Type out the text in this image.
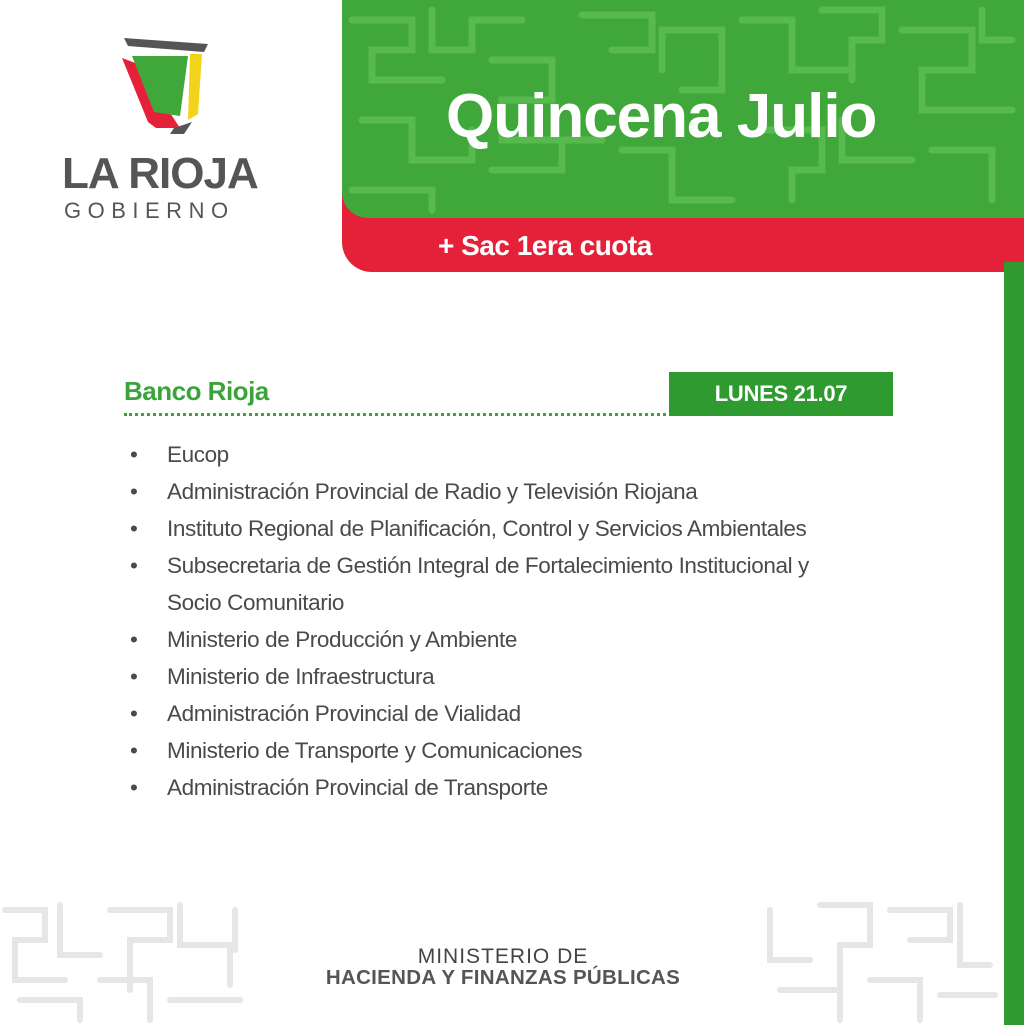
LA RIOJA
GOBIERNO
+ Sac 1era cuota
Quincena Julio
Banco Rioja	LUNES 21.07
•	Eucop
•	Administración Provincial de Radio y Televisión Riojana
•	Instituto Regional de Planificación, Control y Servicios Ambientales
•	Subsecretaria de Gestión Integral de Fortalecimiento Institucional y
Socio Comunitario
•	Ministerio de Producción y Ambiente
•	Ministerio de Infraestructura
•	Administración Provincial de Vialidad
•	Ministerio de Transporte y Comunicaciones
•	Administración Provincial de Transporte
MINISTERIO DE
HACIENDA Y FINANZAS PÚBLICAS
